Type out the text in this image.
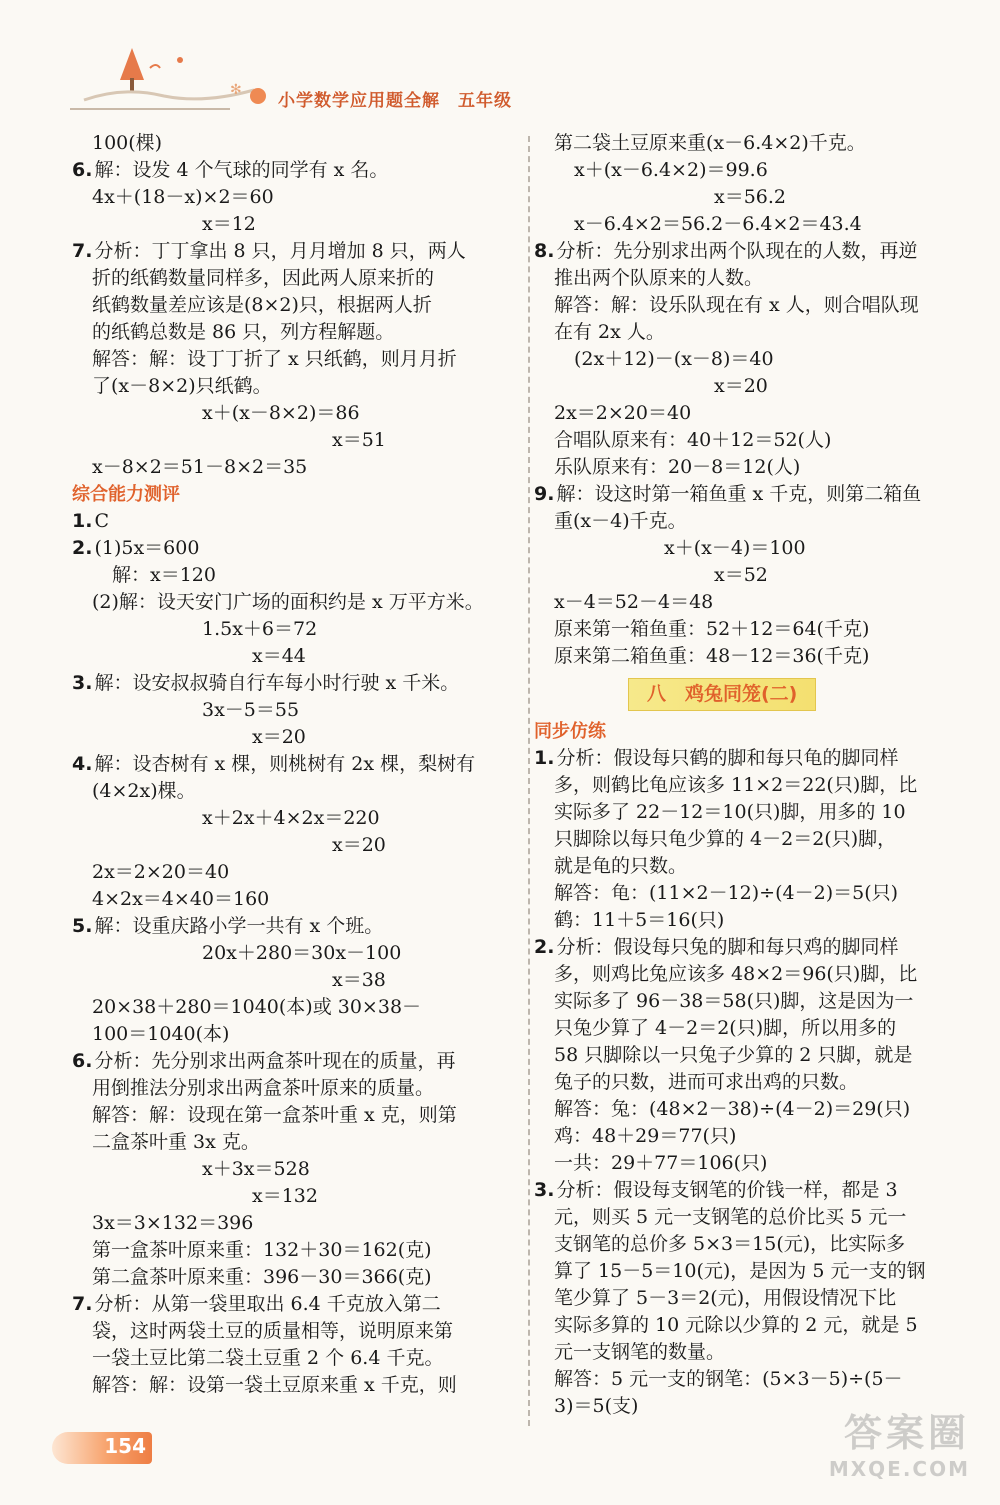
✻
小学数学应用题全解　五年级

100(棵)

6. 解：设发 4 个气球的同学有 x 名。

4x＋(18－x)×2＝60

x＝12

7. 分析：丁丁拿出 8 只，月月增加 8 只，两人

折的纸鹤数量同样多，因此两人原来折的

纸鹤数量差应该是(8×2)只，根据两人折

的纸鹤总数是 86 只，列方程解题。

解答：解：设丁丁折了 x 只纸鹤，则月月折

了(x－8×2)只纸鹤。

x＋(x－8×2)＝86

x＝51

x－8×2＝51－8×2＝35

综合能力测评

1. C

2. (1)5x＝600

解：x＝120

(2)解：设天安门广场的面积约是 x 万平方米。

1.5x＋6＝72

x＝44

3. 解：设安叔叔骑自行车每小时行驶 x 千米。

3x－5＝55

x＝20

4. 解：设杏树有 x 棵，则桃树有 2x 棵，梨树有

(4×2x)棵。

x＋2x＋4×2x＝220

x＝20

2x＝2×20＝40

4×2x＝4×40＝160

5. 解：设重庆路小学一共有 x 个班。

20x＋280＝30x－100

x＝38

20×38＋280＝1040(本)或 30×38－

100＝1040(本)

6. 分析：先分别求出两盒茶叶现在的质量，再

用倒推法分别求出两盒茶叶原来的质量。

解答：解：设现在第一盒茶叶重 x 克，则第

二盒茶叶重 3x 克。

x＋3x＝528

x＝132

3x＝3×132＝396

第一盒茶叶原来重：132＋30＝162(克)

第二盒茶叶原来重：396－30＝366(克)

7. 分析：从第一袋里取出 6.4 千克放入第二

袋，这时两袋土豆的质量相等，说明原来第

一袋土豆比第二袋土豆重 2 个 6.4 千克。

解答：解：设第一袋土豆原来重 x 千克，则

第二袋土豆原来重(x－6.4×2)千克。

x＋(x－6.4×2)＝99.6

x＝56.2

x－6.4×2＝56.2－6.4×2＝43.4

8. 分析：先分别求出两个队现在的人数，再逆

推出两个队原来的人数。

解答：解：设乐队现在有 x 人，则合唱队现

在有 2x 人。

(2x＋12)－(x－8)＝40

x＝20

2x＝2×20＝40

合唱队原来有：40＋12＝52(人)

乐队原来有：20－8＝12(人)

9. 解：设这时第一箱鱼重 x 千克，则第二箱鱼

重(x－4)千克。

x＋(x－4)＝100

x＝52

x－4＝52－4＝48

原来第一箱鱼重：52＋12＝64(千克)

原来第二箱鱼重：48－12＝36(千克)

八　鸡兔同笼(二)

同步仿练

1. 分析：假设每只鹤的脚和每只龟的脚同样

多，则鹤比龟应该多 11×2＝22(只)脚，比

实际多了 22－12＝10(只)脚，用多的 10

只脚除以每只龟少算的 4－2＝2(只)脚，

就是龟的只数。

解答：龟：(11×2－12)÷(4－2)＝5(只)

鹤：11＋5＝16(只)

2. 分析：假设每只兔的脚和每只鸡的脚同样

多，则鸡比兔应该多 48×2＝96(只)脚，比

实际多了 96－38＝58(只)脚，这是因为一

只兔少算了 4－2＝2(只)脚，所以用多的

58 只脚除以一只兔子少算的 2 只脚，就是

兔子的只数，进而可求出鸡的只数。

解答：兔：(48×2－38)÷(4－2)＝29(只)

鸡：48＋29＝77(只)

一共：29＋77＝106(只)

3. 分析：假设每支钢笔的价钱一样，都是 3

元，则买 5 元一支钢笔的总价比买 5 元一

支钢笔的总价多 5×3＝15(元)，比实际多

算了 15－5＝10(元)，是因为 5 元一支的钢

笔少算了 5－3＝2(元)，用假设情况下比

实际多算的 10 元除以少算的 2 元，就是 5

元一支钢笔的数量。

解答：5 元一支的钢笔：(5×3－5)÷(5－

3)＝5(支)

154	答案圈
MXQE.COM
